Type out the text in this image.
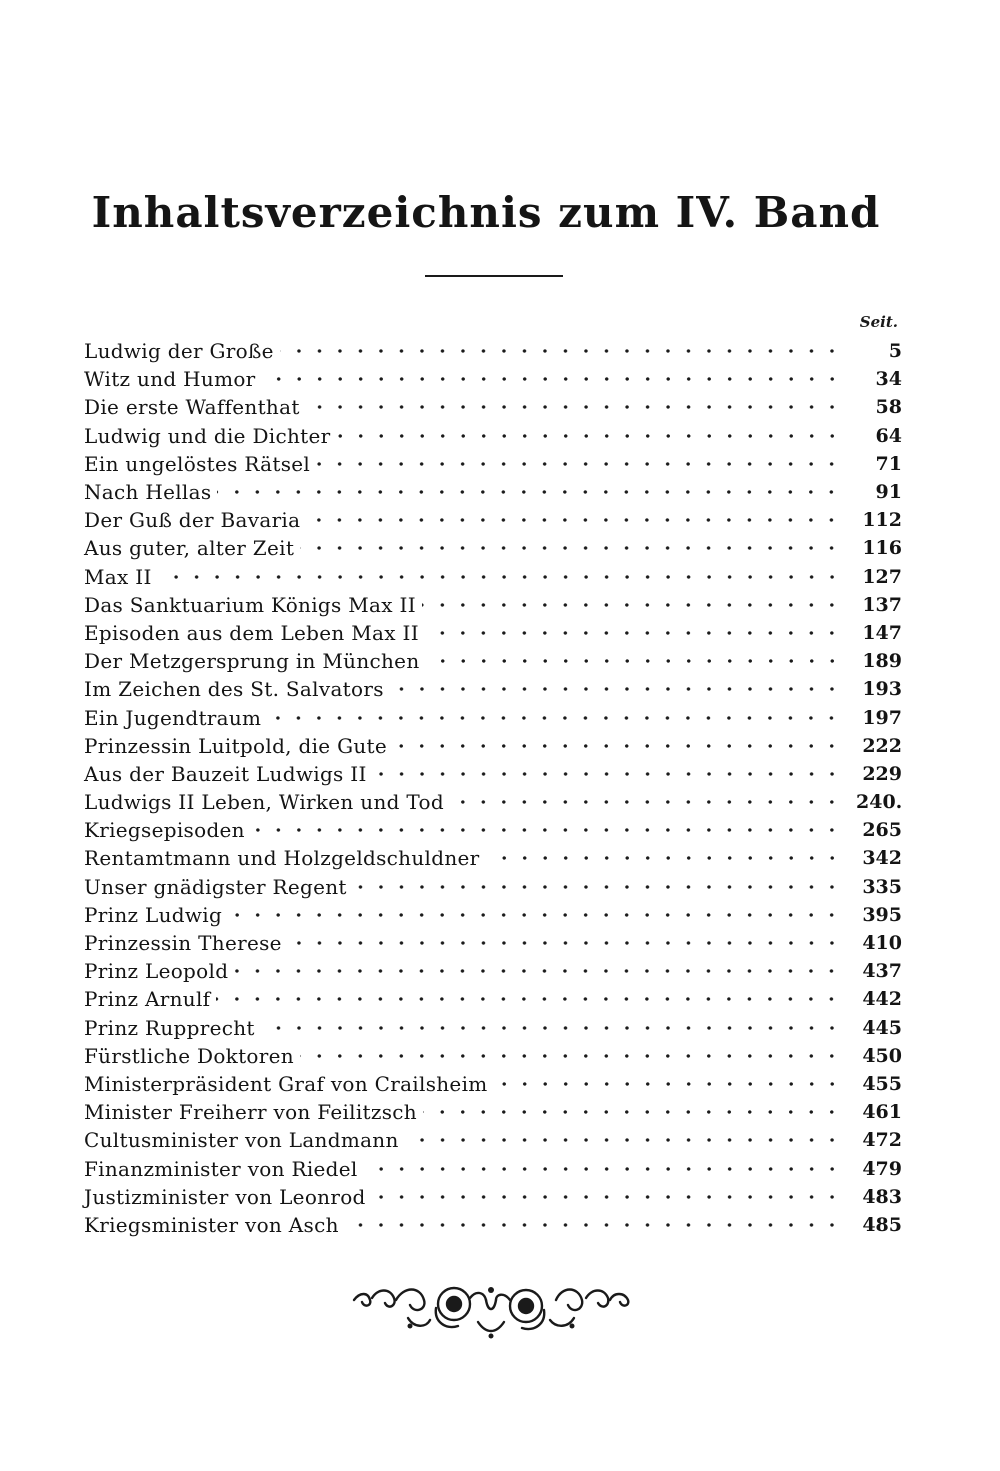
Inhaltsverzeichnis zum IV. Band
Seit.
Ludwig der Große	5
Witz und Humor	34
Die erste Waffenthat	58
Ludwig und die Dichter	64
Ein ungelöstes Rätsel	71
Nach Hellas	91
Der Guß der Bavaria	112
Aus guter, alter Zeit	116
Max II	127
Das Sanktuarium Königs Max II	137
Episoden aus dem Leben Max II	147
Der Metzgersprung in München	189
Im Zeichen des St. Salvators	193
Ein Jugendtraum	197
Prinzessin Luitpold, die Gute	222
Aus der Bauzeit Ludwigs II	229
Ludwigs II Leben, Wirken und Tod	240.
Kriegsepisoden	265
Rentamtmann und Holzgeldschuldner	342
Unser gnädigster Regent	335
Prinz Ludwig	395
Prinzessin Therese	410
Prinz Leopold	437
Prinz Arnulf	442
Prinz Rupprecht	445
Fürstliche Doktoren	450
Ministerpräsident Graf von Crailsheim	455
Minister Freiherr von Feilitzsch	461
Cultusminister von Landmann	472
Finanzminister von Riedel	479
Justizminister von Leonrod	483
Kriegsminister von Asch	485
